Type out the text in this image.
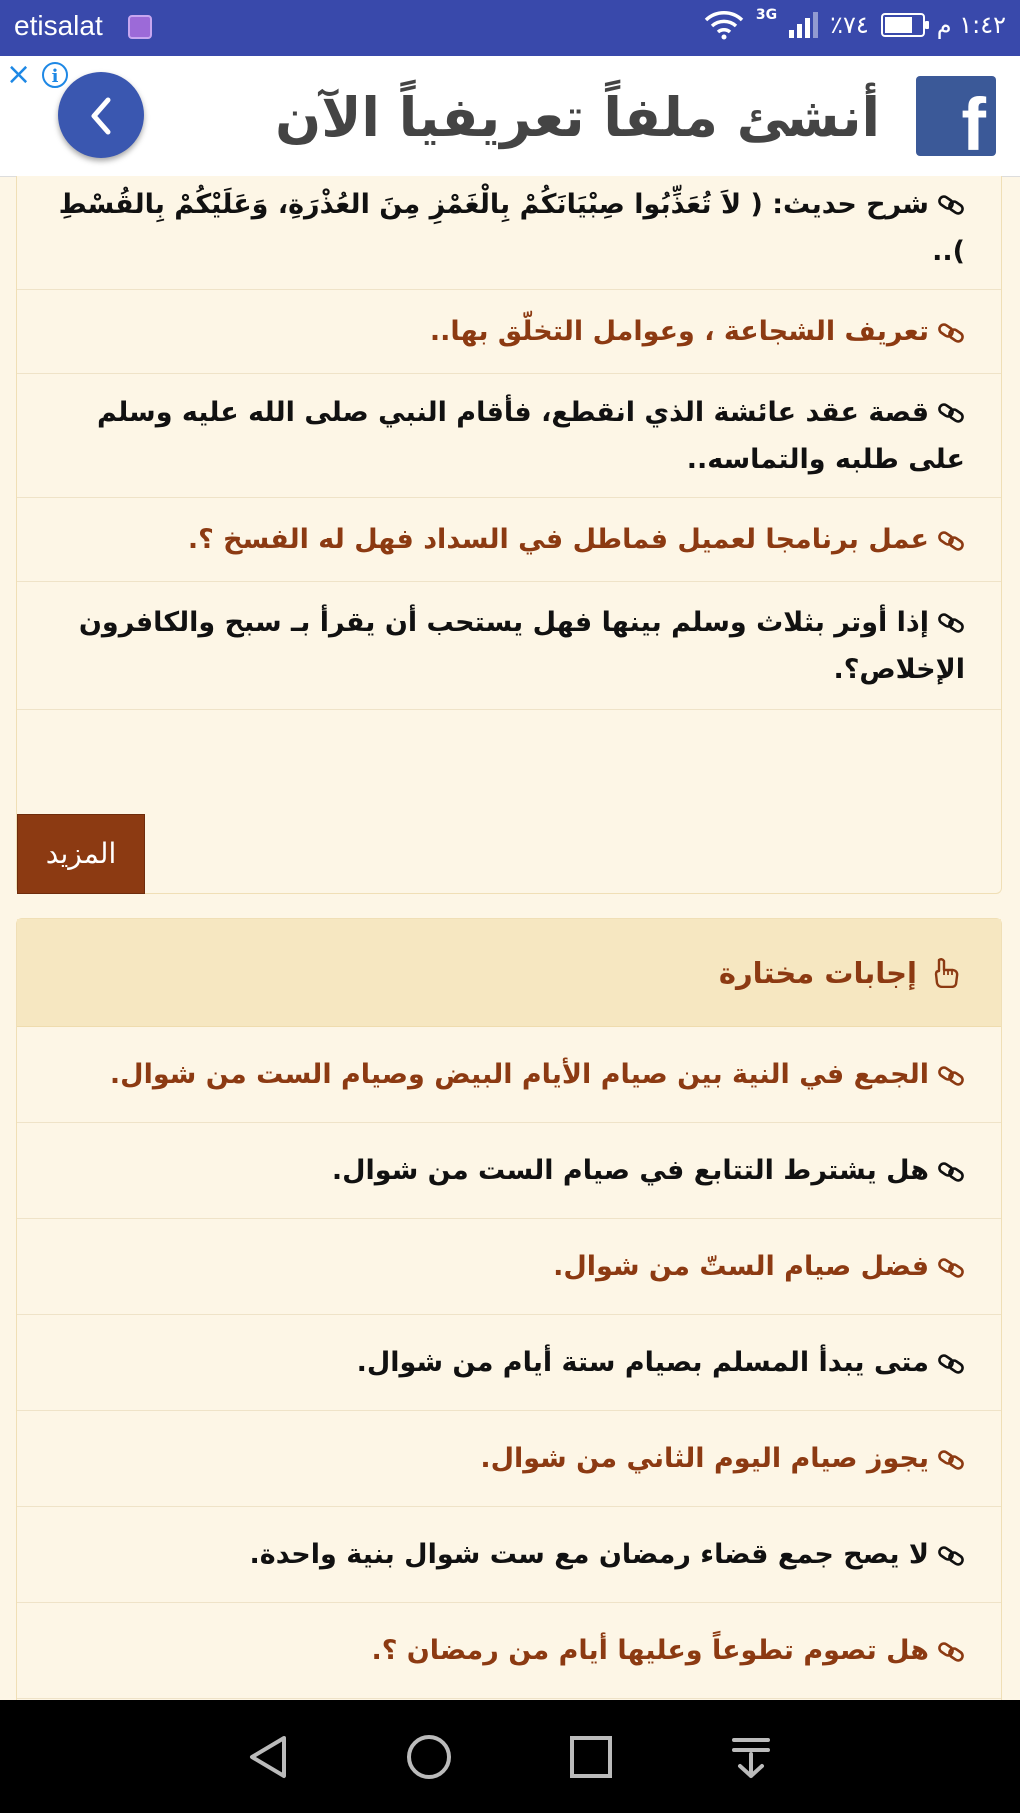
etisalat	3G ٪٧٤	١:٤٢ م
×	i
أنشئ ملفاً تعريفياً الآن f
شرح حديث: ( لاَ تُعَذِّبُوا صِبْيَانَكُمْ بِالْغَمْزِ مِنَ العُذْرَةِ، وَعَلَيْكُمْ بِالقُسْطِ )..
تعريف الشجاعة ، وعوامل التخلّق بها..
قصة عقد عائشة الذي انقطع، فأقام النبي صلى الله عليه وسلم على طلبه والتماسه..
عمل برنامجا لعميل فماطل في السداد فهل له الفسخ ؟.
إذا أوتر بثلاث وسلم بينها فهل يستحب أن يقرأ بـ سبح والكافرون الإخلاص؟.
المزيد
إجابات مختارة
الجمع في النية بين صيام الأيام البيض وصيام الست من شوال.
هل يشترط التتابع في صيام الست من شوال.
فضل صيام الستّ من شوال.
متى يبدأ المسلم بصيام ستة أيام من شوال.
يجوز صيام اليوم الثاني من شوال.
لا يصح جمع قضاء رمضان مع ست شوال بنية واحدة.
هل تصوم تطوعاً وعليها أيام من رمضان ؟.
